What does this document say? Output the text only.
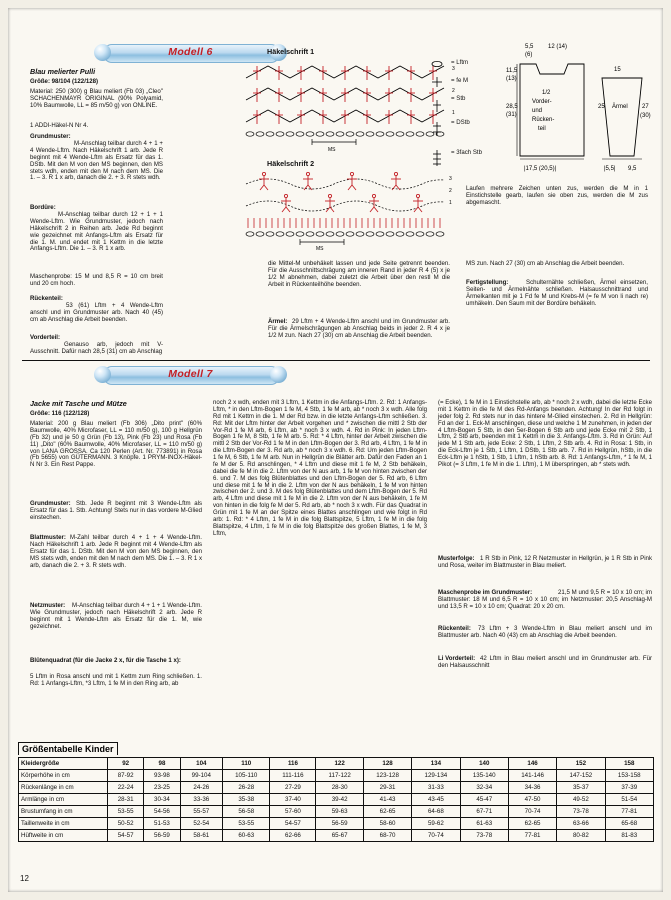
Modell 6
Blau melierter Pulli
Größe: 98/104 (122/128)
Material: 250 (300) g Blau meliert (Fb 03) „Cleo" SCHACHENMAYR ORIGINAL (90% Polyamid, 10% Baumwolle, LL = 85 m/50 g) von ONLINE.
1 ADDI-Häkel-N Nr 4.
Grundmuster:
M-Anschlag teilbar durch 4 + 1 + 4 Wende-Lftm. Nach Häkelschrift 1 arb. Jede R beginnt mit 4 Wende-Lftm als Ersatz für das 1. DStb. Mit den M von den MS beginnen, den MS stets wdh, enden mit den M nach dem MS. Die 1. – 3. R 1 x arb, danach die 2. + 3. R stets wdh.
Bordüre:
M-Anschlag teilbar durch 12 + 1 + 1 Wende-Lftm. Wie Grundmuster, jedoch nach Häkelschrift 2 in Reihen arb. Jede Rd beginnt wie gezeichnet mit Anfangs-Lftm als Ersatz für die 1. M. und endet mit 1 Kettm in die letzte Anfangs-Lftm. Die 1. – 3. R 1 x arb.
Maschenprobe: 15 M und 8,5 R = 10 cm breit und 20 cm hoch.
Rückenteil:
53 (61) Lftm + 4 Wende-Lftm anschl und im Grundmuster arb. Nach 40 (45) cm ab Anschlag die Arbeit beenden.
Vorderteil:
Genauso arb, jedoch mit V-Ausschnitt. Dafür nach 28,5 (31) cm ab Anschlag
die Mittel-M unbehäkelt lassen und jede Seite getrennt beenden. Für die Ausschnittschrägung am inneren Rand in jeder R 4 (5) x je 1/2 M abnehmen, dabei zuletzt die Arbeit über den restl M die Arbeit in Rückenteilhöhe beenden.
Ärmel: 29 Lftm + 4 Wende-Lftm anschl und im Grundmuster arb. Für die Ärmelschrägungen ab Anschlag beids in jeder 2. R 4 x je 1/2 M zun. Nach 27 (30) cm ab Anschlag die Arbeit beenden.
MS zun. Nach 27 (30) cm ab Anschlag die Arbeit beenden.
Fertigstellung:	Schulternähte schließen, Ärmel einsetzen, Seiten- und Ärmelnähte schließen. Halsausschnittrand und Ärmelkanten mit je 1 Fd fe M und Krebs-M (= fe M von li nach re) umhäkeln. Den Saum mit der Bordüre behäkeln.
Häkelschrift 1
MS
3
2
1
Häkelschrift 2
MS
3
2
1
= Lftm
= fe M
= Stb
= DStb
= 3fach Stb
5,5
(6)
12 (14)
11,5
(13)
28,5
(31)
1/2
Vorder-
und
Rücken-
teil
15
25 Ärmel 27
(30)
|17,5 (20,5)|	|5,5| 9,5
Laufen mehrere Zeichen unten zus, werden die M in 1 Einstichstelle gearb, laufen sie oben zus, werden die M zus abgemascht.
Modell 7
Jacke mit Tasche und Mütze
Größe: 116 (122/128)
Material: 200 g Blau meliert (Fb 306) „Dito print" (60% Baumwolle, 40% Microfaser, LL = 110 m/50 g), 100 g Hellgrün (Fb 32) und je 50 g Grün (Fb 13), Pink (Fb 23) und Rosa (Fb 11) „Dito" (60% Baumwolle, 40% Microfaser, LL = 110 m/50 g) von LANA GROSSA. Ca 120 Perlen (Art. Nr. 773891) in Rosa (Fb 5655) von GÜTERMANN. 3 Knöpfe. 1 PRYM-INOX-Häkel-N Nr 3. Ein Rest Pappe.
Grundmuster: Stb. Jede R beginnt mit 3 Wende-Lftm als Ersatz für das 1. Stb. Achtung! Stets nur in das vordere M-Glied einstechen.
Blattmuster: M-Zahl teilbar durch 4 + 1 + 4 Wende-Lftm. Nach Häkelschrift 1 arb. Jede R beginnt mit 4 Wende-Lftm als Ersatz für das 1. DStb. Mit den M von den MS beginnen, den MS stets wdh, enden mit den M nach dem MS. Die 1. – 3. R 1 x arb, danach die 2. + 3. R stets wdh.
Netzmuster:	M-Anschlag teilbar durch 4 + 1 + 1 Wende-Lftm. Wie Grundmuster, jedoch nach Häkelschrift 2 arb. Jede R beginnt mit 1 Wende-Lftm als Ersatz für die 1. M, wie gezeichnet.
Blütenquadrat (für die Jacke 2 x, für die Tasche 1 x):
5 Lftm in Rosa anschl und mit 1 Kettm zum Ring schließen. 1. Rd: 1 Anfangs-Lftm, *3 Lftm, 1 fe M in den Ring arb, ab
noch 2 x wdh, enden mit 3 Lftm, 1 Kettm in die Anfangs-Lftm. 2. Rd: 1 Anfangs-Lftm, * in den Lftm-Bogen 1 fe M, 4 Stb, 1 fe M arb, ab * noch 3 x wdh. Alle folg Rd mit 1 Kettm in die 1. M der Rd bzw. in die letzte Anfangs-Lftm schließen. 3. Rd: Mit der Lftm hinter der Arbeit vorgehen und * zwischen die mittl 2 Stb der Vor-Rd 1 fe M arb, 6 Lftm, ab * noch 3 x wdh. 4. Rd in Pink: In jeden Lftm-Bogen 1 fe M, 8 Stb, 1 fe M arb. 5. Rd: * 4 Lftm, hinter der Arbeit zwischen die mittl 2 Stb der Vor-Rd 1 fe M in den Lftm-Bogen der 3. Rd arb, 4 Lftm, 1 fe M in die Lftm-Bogen der 3. Rd arb, ab * noch 3 x wdh. 6. Rd: Um jeden Lftm-Bogen 1 fe M, 6 Stb, 1 fe M arb. Nun in Hellgrün die Blätter arb. Dafür den Faden an 1 fe M der 5. Rd anschlingen, * 4 Lftm und diese mit 1 fe M, 2 Stb behäkeln, dabei die fe M in die 2. Lftm von der N aus arb, 1 fe M von hinten zwischen der 6. und 7. M des folg Blütenblattes und den Lftm-Bogen der 5. Rd arb, 6 Lftm und diese mit 1 fe M in die 2. Lftm von der N aus behäkeln, 1 fe M von hinten zwischen der 2. und 3. M des folg Blütenblattes und dem Lftm-Bogen der 5. Rd arb, 4 Lftm und diese mit 1 fe M in die 2. Lftm von der N aus behäkeln, 1 fe M von hinten in die folg fe M der 5. Rd arb, ab * noch 3 x wdh. Für das Quadrat in Grün mit 1 fe M an der Spitze eines Blattes anschlingen und wie folgt in Rd arb: 1. Rd: * 4 Lftm, 1 fe M in die folg Blattspitze, 5 Lftm, 1 fe M in die folg Blattspitze, 4 Lftm, 1 fe M in die folg Blattspitze des großen Blattes, 1 fe M, 3 Lftm,
(= Ecke), 1 fe M in 1 Einstichstelle arb, ab * noch 2 x wdh, dabei die letzte Ecke mit 1 Kettm in die fe M des Rd-Anfangs beenden. Achtung! In der Rd folgt in jeder folg 2. Rd stets nur in das hintere M-Glied einstechen. 2. Rd in Hellgrün: Fd an der 1. Eck-M anschlingen, diese und welche 1 M zunehmen, in jeden der 4 Lftm-Bogen 5 Stb, in den 5er-Bogen 6 Stb arb und jede Ecke mit 2 Stb, 1 Lftm, 2 Stb arb, beenden mit 1 Kettm in die 3. Anfangs-Lftm. 3. Rd in Grün: Auf jede M 1 Stb arb, jede Ecke: 2 Stb, 1 Lftm, 2 Stb arb. 4. Rd in Rosa: 1 Stb, in die Eck-Lftm je 1 Stb, 1 Lftm, 1 DStb, 1 Stb arb. 7. Rd in Hellgrün, hStb, in die Eck-Lftm je 1 hStb, 1 Stb, 1 Lftm, 1 hStb arb. 8. Rd: 1 Anfangs-Lftm, * 1 fe M, 1 Pikot (= 3 Lftm, 1 fe M in die 1. Lftm), 1 M überspringen, ab * stets wdh.
Musterfolge: 1 R Stb in Pink, 12 R Netzmuster in Hellgrün, je 1 R Stb in Pink und Rosa, weiter im Blattmuster in Blau meliert.
Maschenprobe im Grundmuster:	21,5 M und 9,5 R = 10 x 10 cm; im Blattmuster: 18 M und 6,5 R = 10 x 10 cm; im Netzmuster: 20,5 Anschlag-M und 13,5 R = 10 x 10 cm; Quadrat: 20 x 20 cm.
Rückenteil:	73 Lftm + 3 Wende-Lftm in Blau meliert anschl und im Blattmuster arb. Nach 40 (43) cm ab Anschlag die Arbeit beenden.
Li Vorderteil: 42 Lftm in Blau meliert anschl und im Grundmuster arb. Für den Halsausschnitt
Größentabelle Kinder
Kleidergröße	92	98	104	110	116	122	128	134	140	146	152	158
Körperhöhe in cm	87-92	93-98	99-104	105-110	111-116	117-122	123-128	129-134	135-140	141-146	147-152	153-158
Rückenlänge in cm	22-24	23-25	24-26	26-28	27-29	28-30	29-31	31-33	32-34	34-36	35-37	37-39
Armlänge in cm	28-31	30-34	33-36	35-38	37-40	39-42	41-43	43-45	45-47	47-50	49-52	51-54
Brustumfang in cm	53-55	54-56	55-57	56-58	57-60	59-63	62-65	64-68	67-71	70-74	73-78	77-81
Taillenweite in cm	50-52	51-53	52-54	53-55	54-57	56-59	58-60	59-62	61-63	62-65	63-66	65-68
Hüftweite in cm	54-57	56-59	58-61	60-63	62-66	65-67	68-70	70-74	73-78	77-81	80-82	81-83
12
